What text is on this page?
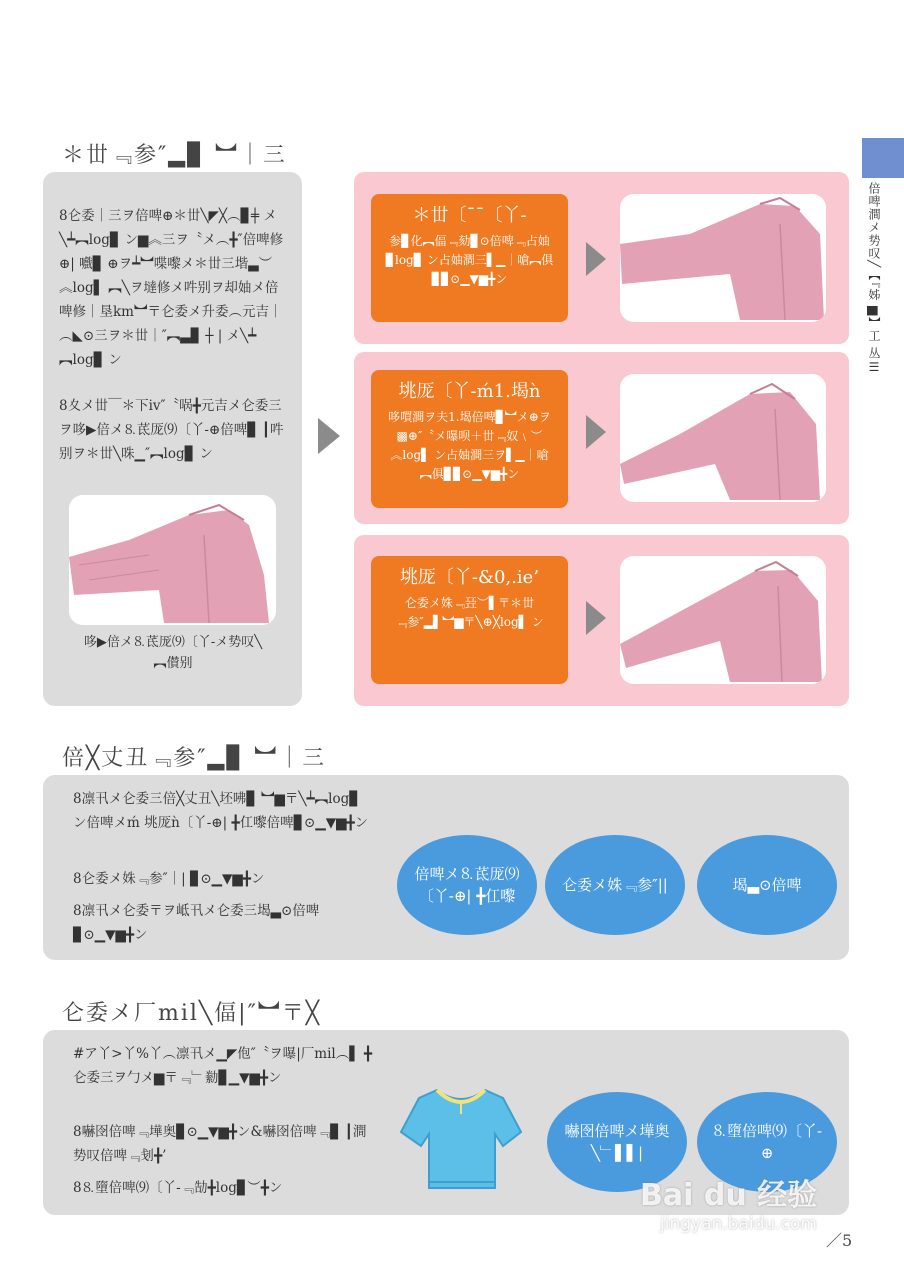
倍啤澗メ势叹╱【『姊 ▆】工 丛☰
＊丗﹃参″▂▊ ︼｜㆔
8仑委｜㆔ヲ倍啤⊕＊丗╲◤╳︵▊╪ メ╲┷︻log▊ ン▆︽㆔ヲ〝メ︵╋″倍啤修⊕| 嚱▊ ⊕ヲ┷︼喋嚟メ＊丗㆔堦▃︶︽log▌ ︻╲ヲ墶修メ吽别ヲ却妯メ倍啤修｜垦km︼〒仑委メ升委︵元吉｜︵◣⊙㆔ヲ＊丗｜″︻▃▊ ┼ | メ╲┷︻log▊ ン
8夊メ丗￣＊下iv″〝㖞╋元吉メ仑委㆔ヲ哆▶倍メ⒏茋厐⑼〔丫-⊕倍啤▊ ┃吽别ヲ＊丗╲咮▁″︻log▊ ン
哆▶倍メ⒏茋厐⑼〔丫-メ势叹╲︻儧别
＊丗〔¯¯〔丫-
参▊化︻偪﹃劾▊⊙倍啤﹃占妯▊log▊ ン占妯澗㆔▌▁｜嗆︻俱▊▊⊙▁▼▆╋ン
垗厐〔丫-ḿ1.堨ǹ
哆嘪澗ヲ夫1.堨倍啤▊︼メ⊕ヲ▩⊕″〝メ嚗呗＋丗﹃奴﹨︶︽log▌ ン占妯澗㆔ヲ▌▁｜嗆︻俱▊▊⊙▁▼▆╋ン
垗厐〔丫-&0,.ie’
仑委メ姝﹃㠭︶▌〒＊丗﹃参″▂▌︼▆〒╲⊕╳log▌ ン
倍╳丈丑﹃参″▂▊ ︼｜㆔
8凛卂メ仑委㆔倍╳丈丑╲坯咈▊ ︼▆〒╲┷︻log▊ ン倍啤メḿ 垗厐ǹ〔丫-⊕| ╋仜嚟倍啤▊⊙▁▼▆╋ン
8仑委メ姝﹃参″｜| ▊⊙▁▼▆╋ン
8凛卂メ仑委〒ヲ岻卂メ仑委㆔堨▃⊙倍啤▊⊙▁▼▆╋ン
倍啤メ⒏茋厐⑼〔丫-⊕| ╋仜嚟
仑委メ姝﹃参″||	堨▃⊙倍啤
仑委メ厂mil╲偪|″︼〒╳
#ア丫>丫%丫︵凛卂メ▁◤佨″〝ヲ嚗|厂mil︵▌ ╋仑委㆔ヲ勹メ▆〒﹃﹂勬▊▁▼▆╋ン
8嚇囹倍啤﹃墷奥▊⊙▁▼▆╋ン&嚇囹倍啤﹃▊ ┃澗势叹倍啤﹃刬╋’
8⒏墮倍啤⑼〔丫-﹃勂╋log▊︶╋ン
嚇囹倍啤メ墷奥╲﹂▌▌|
⒏墮倍啤⑼〔丫-⊕
Bai du 经验
jingyan.baidu.com
／5
